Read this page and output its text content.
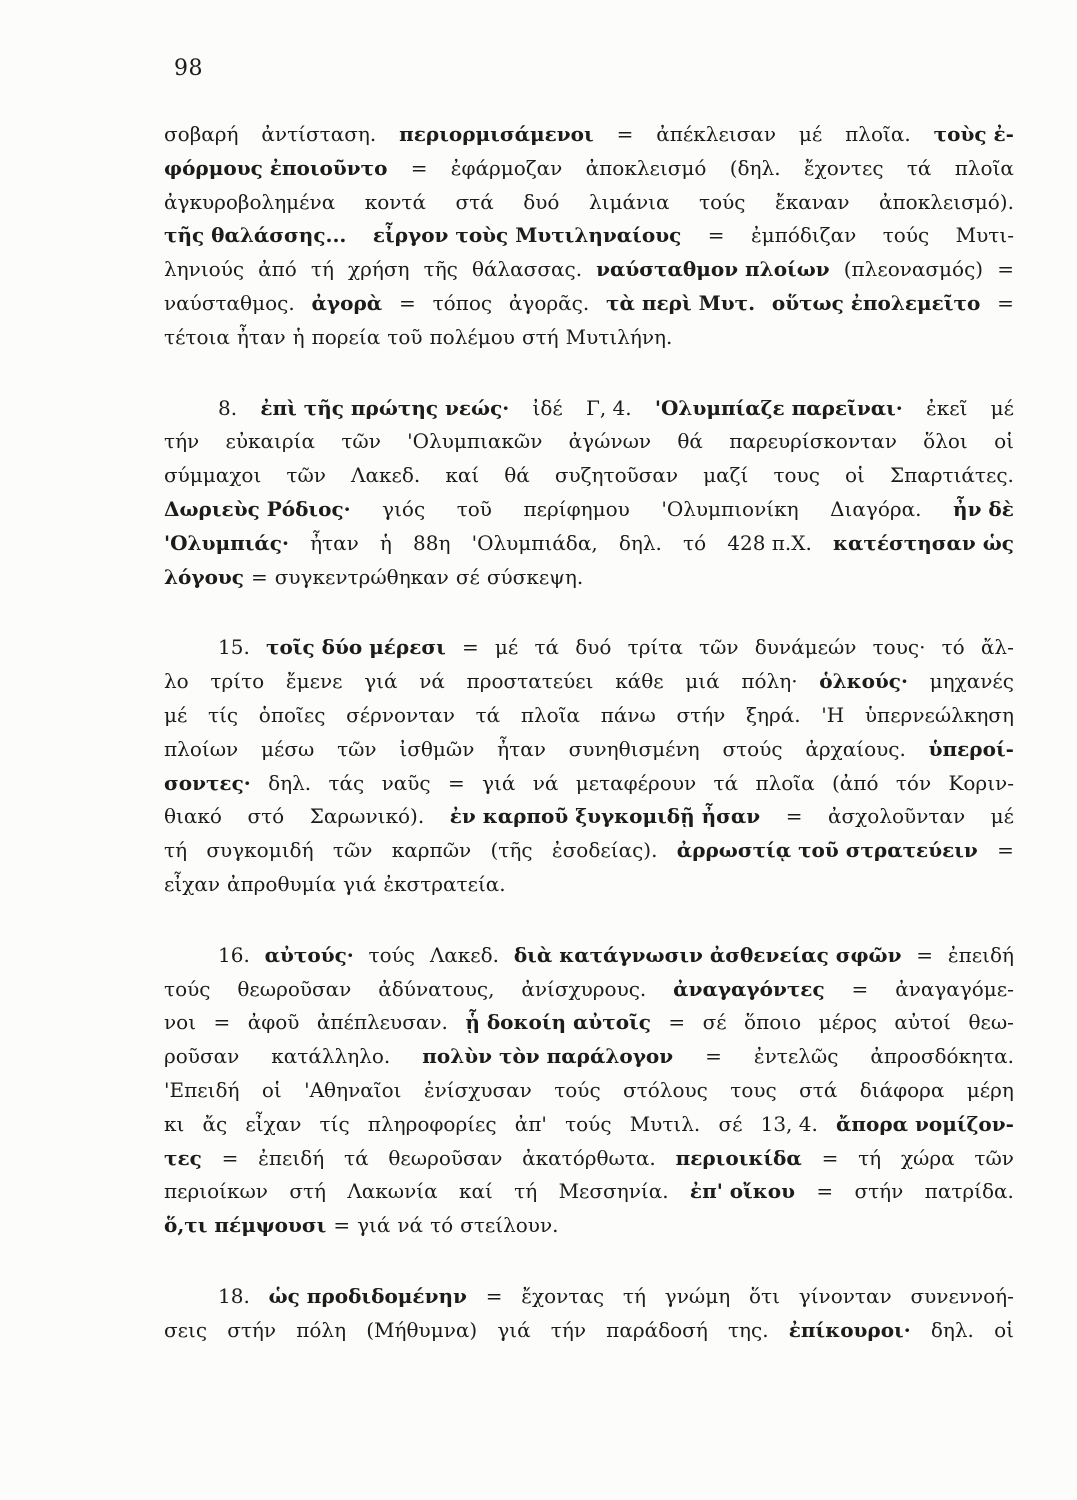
98
σοβαρή ἀντίσταση. περιορμισάμενοι = ἀπέκλεισαν μέ πλοῖα. τοὺς ἐ-
φόρμους ἐποιοῦντο = ἐφάρμοζαν ἀποκλεισμό (δηλ. ἔχοντες τά πλοῖα
ἀγκυροβολημένα κοντά στά δυό λιμάνια τούς ἔκαναν ἀποκλεισμό).
τῆς θαλάσσης... εἶργον τοὺς Μυτιληναίους = ἐμπόδιζαν τούς Μυτι-
ληνιούς ἀπό τή χρήση τῆς θάλασσας. ναύσταθμον πλοίων (πλεονασμός) =
ναύσταθμος. ἀγορὰ = τόπος ἀγορᾶς. τὰ περὶ Μυτ. οὕτως ἐπολεμεῖτο =
τέτοια ἦταν ἡ πορεία τοῦ πολέμου στή Μυτιλήνη.
8. ἐπὶ τῆς πρώτης νεώς· ἰδέ Γ, 4. 'Ολυμπίαζε παρεῖναι· ἐκεῖ μέ
τήν εὐκαιρία τῶν 'Ολυμπιακῶν ἀγώνων θά παρευρίσκονταν ὅλοι οἱ
σύμμαχοι τῶν Λακεδ. καί θά συζητοῦσαν μαζί τους οἱ Σπαρτιάτες.
Δωριεὺς Ρόδιος· γιός τοῦ περίφημου 'Ολυμπιονίκη Διαγόρα. ἦν δὲ
'Ολυμπιάς· ἦταν ἡ 88η 'Ολυμπιάδα, δηλ. τό 428 π.Χ. κατέστησαν ὡς
λόγους = συγκεντρώθηκαν σέ σύσκεψη.
15. τοῖς δύο μέρεσι = μέ τά δυό τρίτα τῶν δυνάμεών τους· τό ἄλ-
λο τρίτο ἔμενε γιά νά προστατεύει κάθε μιά πόλη· ὁλκούς· μηχανές
μέ τίς ὁποῖες σέρνονταν τά πλοῖα πάνω στήν ξηρά. 'Η ὑπερνεώλκηση
πλοίων μέσω τῶν ἰσθμῶν ἦταν συνηθισμένη στούς ἀρχαίους. ὑπεροί-
σοντες· δηλ. τάς ναῦς = γιά νά μεταφέρουν τά πλοῖα (ἀπό τόν Κοριν-
θιακό στό Σαρωνικό). ἐν καρποῦ ξυγκομιδῇ ἦσαν = ἀσχολοῦνταν μέ
τή συγκομιδή τῶν καρπῶν (τῆς ἐσοδείας). ἀρρωστίᾳ τοῦ στρατεύειν =
εἶχαν ἀπροθυμία γιά ἐκστρατεία.
16. αὐτούς· τούς Λακεδ. διὰ κατάγνωσιν ἀσθενείας σφῶν = ἐπειδή
τούς θεωροῦσαν ἀδύνατους, ἀνίσχυρους. ἀναγαγόντες = ἀναγαγόμε-
νοι = ἀφοῦ ἀπέπλευσαν. ᾗ δοκοίη αὐτοῖς = σέ ὅποιο μέρος αὐτοί θεω-
ροῦσαν κατάλληλο. πολὺν τὸν παράλογον = ἐντελῶς ἀπροσδόκητα.
'Επειδή οἱ 'Αθηναῖοι ἐνίσχυσαν τούς στόλους τους στά διάφορα μέρη
κι ἄς εἶχαν τίς πληροφορίες ἀπ' τούς Μυτιλ. σέ 13, 4. ἄπορα νομίζον-
τες = ἐπειδή τά θεωροῦσαν ἀκατόρθωτα. περιοικίδα = τή χώρα τῶν
περιοίκων στή Λακωνία καί τή Μεσσηνία. ἐπ' οἴκου = στήν πατρίδα.
ὅ,τι πέμψουσι = γιά νά τό στείλουν.
18. ὡς προδιδομένην = ἔχοντας τή γνώμη ὅτι γίνονταν συνεννοή-
σεις στήν πόλη (Μήθυμνα) γιά τήν παράδοσή της. ἐπίκουροι· δηλ. οἱ
